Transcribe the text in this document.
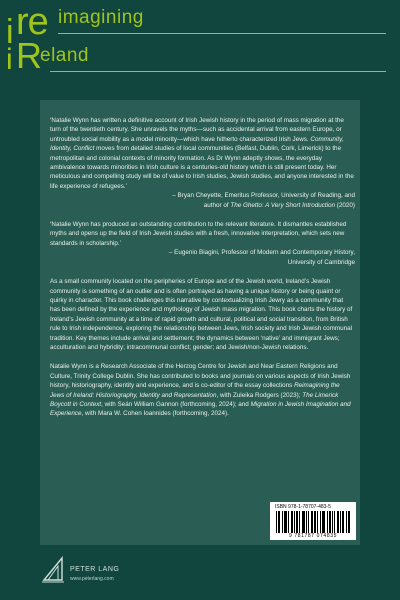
i re imagining
i R eland

‘Natalie Wynn has written a definitive account of Irish Jewish history in the period of mass migration at the turn of the twentieth century. She unravels the myths—such as accidental arrival from eastern Europe, or untroubled social mobility as a model minority—which have hitherto characterized Irish Jews. Community, Identity, Conflict moves from detailed studies of local communities (Belfast, Dublin, Cork, Limerick) to the metropolitan and colonial contexts of minority formation. As Dr Wynn adeptly shows, the everyday ambivalence towards minorities in Irish culture is a centuries-old history which is still present today. Her meticulous and compelling study will be of value to Irish studies, Jewish studies, and anyone interested in the life experience of refugees.’
– Bryan Cheyette, Emeritus Professor, University of Reading, and
author of The Ghetto: A Very Short Introduction (2020)

‘Natalie Wynn has produced an outstanding contribution to the relevant literature. It dismantles established myths and opens up the field of Irish Jewish studies with a fresh, innovative interpretation, which sets new standards in scholarship.’
– Eugenio Biagini, Professor of Modern and Contemporary History,
University of Cambridge

As a small community located on the peripheries of Europe and of the Jewish world, Ireland’s Jewish community is something of an outlier and is often portrayed as having a unique history or being quaint or quirky in character. This book challenges this narrative by contextualizing Irish Jewry as a community that has been defined by the experience and mythology of Jewish mass migration. This book charts the history of Ireland’s Jewish community at a time of rapid growth and cultural, political and social transition, from British rule to Irish independence, exploring the relationship between Jews, Irish society and Irish Jewish communal tradition. Key themes include arrival and settlement; the dynamics between ‘native’ and immigrant Jews; acculturation and hybridity; intracommunal conflict; gender; and Jewish/non-Jewish relations.

Natalie Wynn is a Research Associate of the Herzog Centre for Jewish and Near Eastern Religions and Culture, Trinity College Dublin. She has contributed to books and journals on various aspects of Irish Jewish history, historiography, identity and experience, and is co-editor of the essay collections Reimagining the Jews of Ireland: Historiography, Identity and Representation, with Zuleika Rodgers (2023); The Limerick Boycott in Context, with Seán William Gannon (forthcoming, 2024); and Migration in Jewish Imagination and Experience, with Mara W. Cohen Ioannides (forthcoming, 2024).

ISBN 978-1-78707-483-5
9 781787 074835
PETER LANG
www.peterlang.com
